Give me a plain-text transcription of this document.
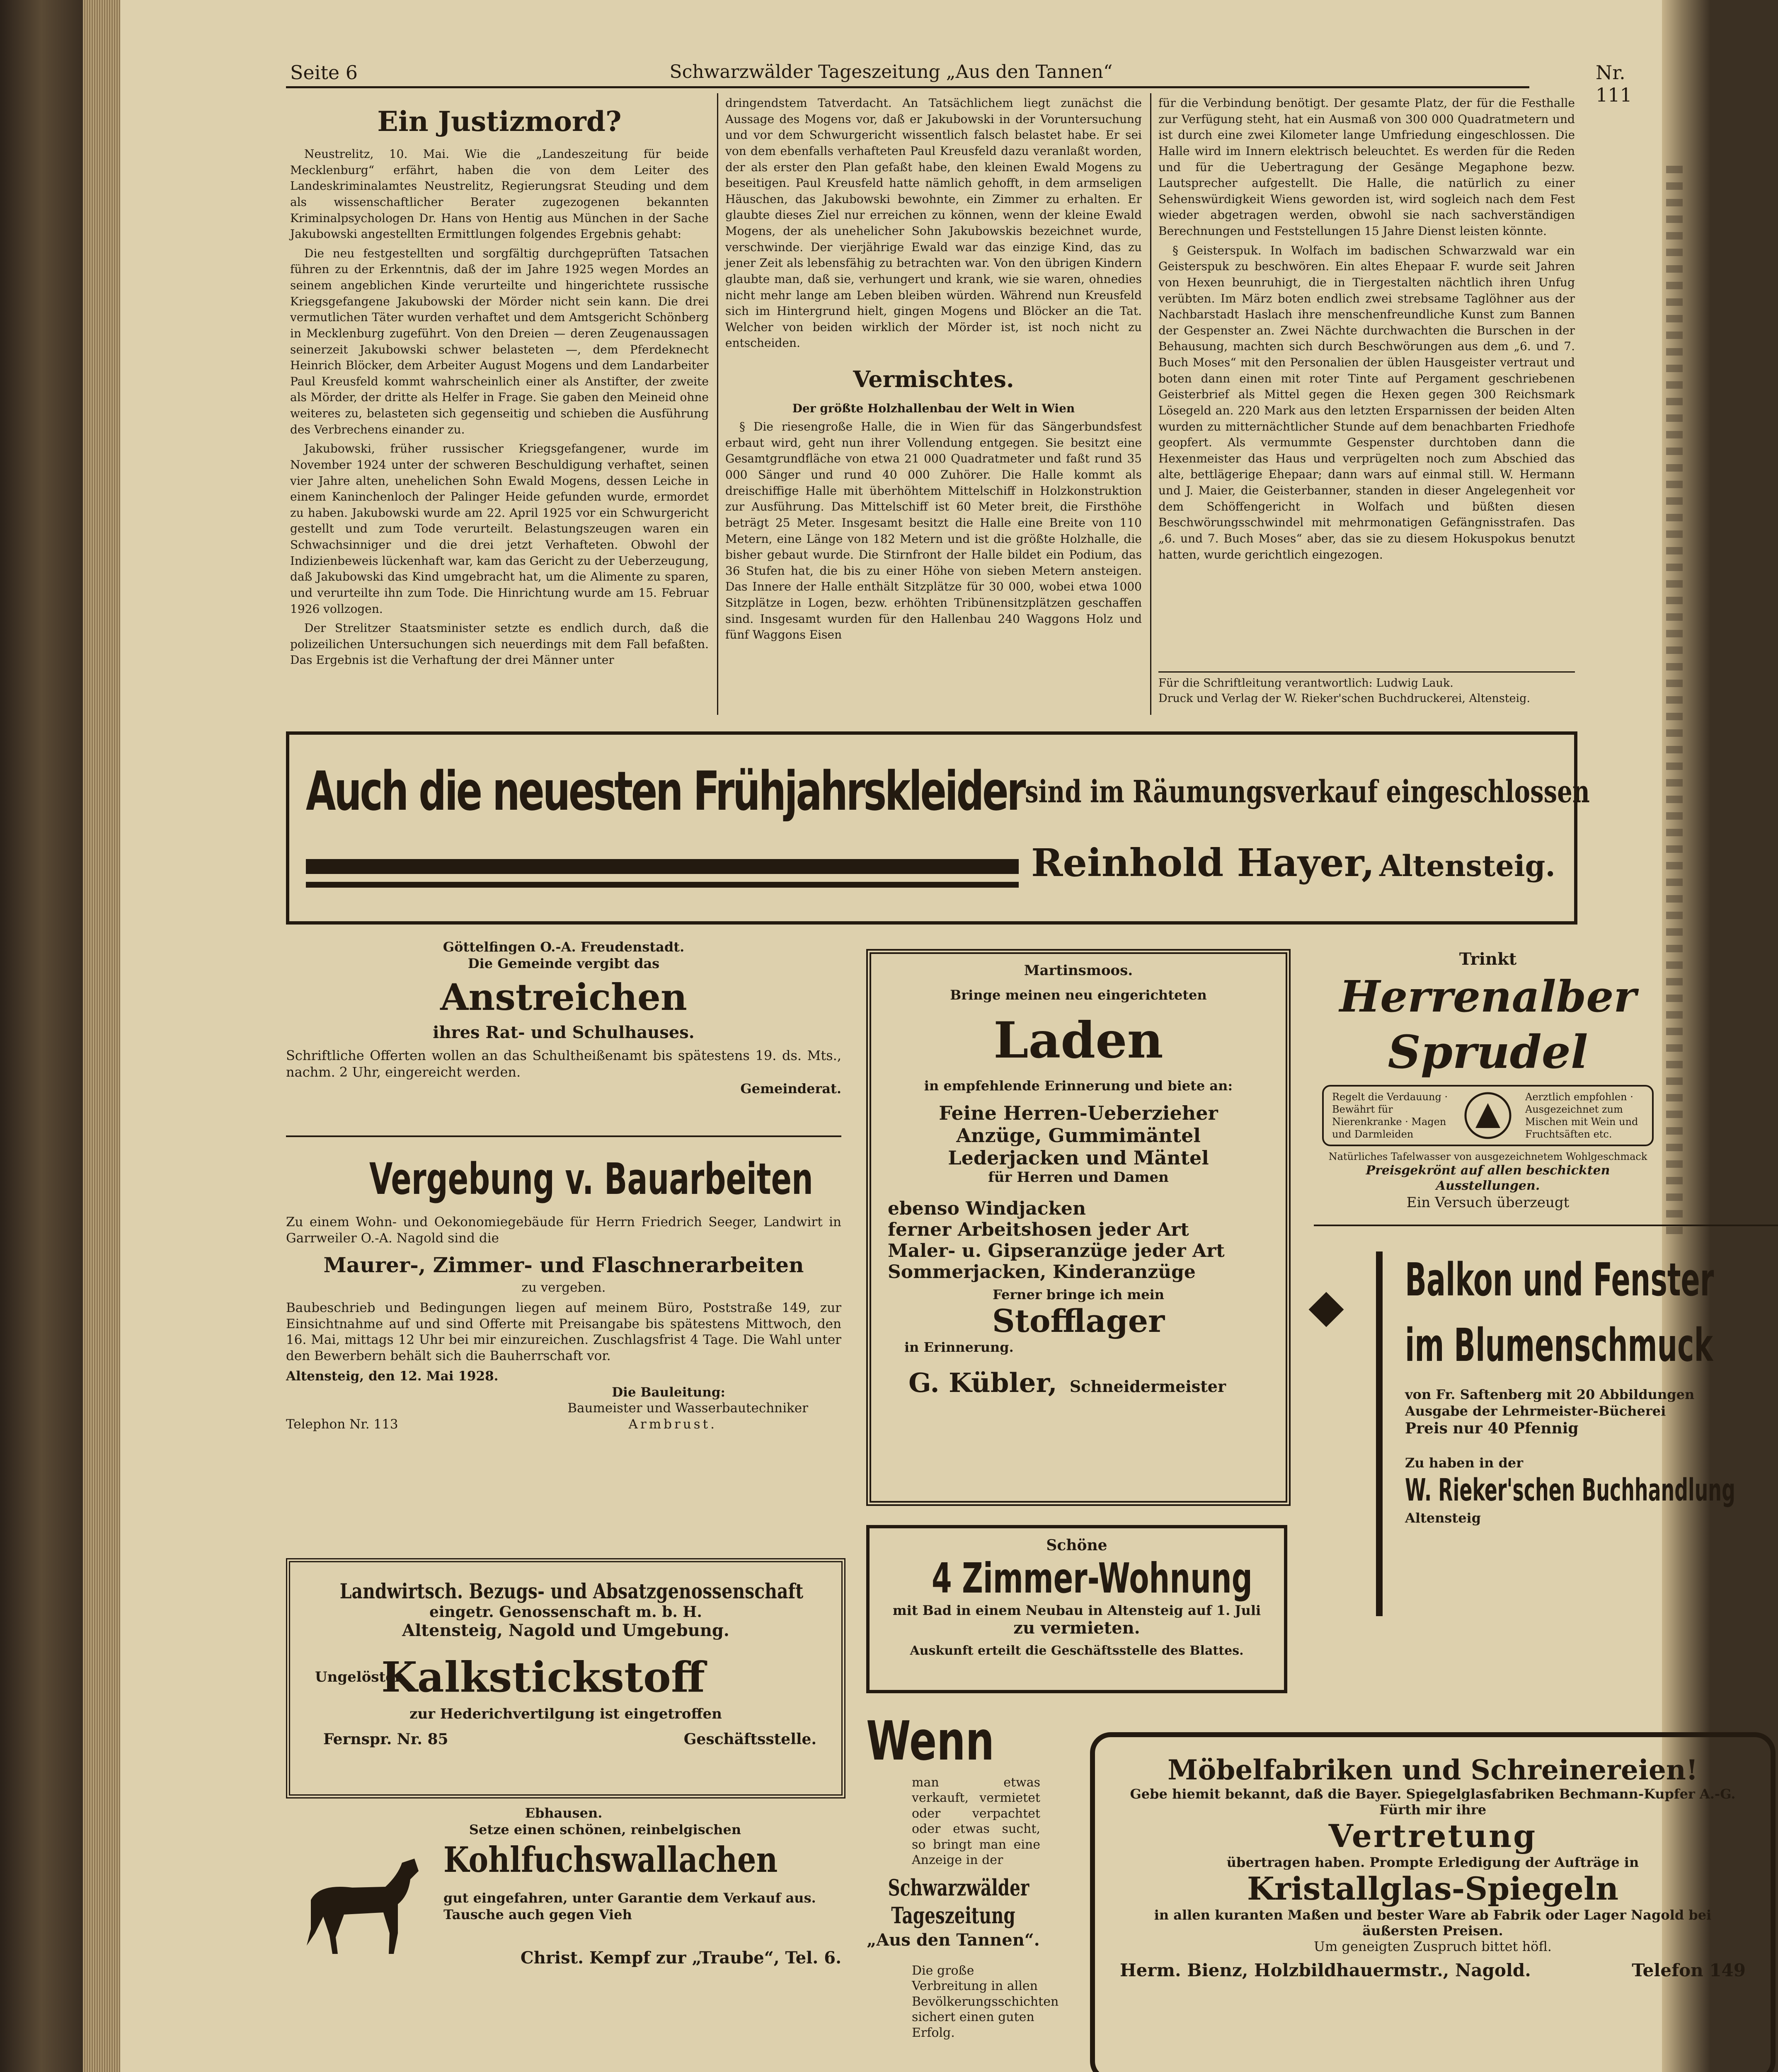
Seite 6	Schwarzwälder Tageszeitung „Aus den Tannen“	Nr. 111
Ein Justizmord?

Neustrelitz, 10. Mai. Wie die „Landeszeitung für beide Mecklenburg“ erfährt, haben die von dem Leiter des Landeskriminalamtes Neustrelitz, Regierungsrat Steuding und dem als wissenschaftlicher Berater zugezogenen bekannten Kriminalpsychologen Dr. Hans von Hentig aus München in der Sache Jakubowski angestellten Ermittlungen folgendes Ergebnis gehabt:

Die neu festgestellten und sorgfältig durchgeprüften Tatsachen führen zu der Erkenntnis, daß der im Jahre 1925 wegen Mordes an seinem angeblichen Kinde verurteilte und hingerichtete russische Kriegsgefangene Jakubowski der Mörder nicht sein kann. Die drei vermutlichen Täter wurden verhaftet und dem Amtsgericht Schönberg in Mecklenburg zugeführt. Von den Dreien — deren Zeugenaussagen seinerzeit Jakubowski schwer belasteten —, dem Pferdeknecht Heinrich Blöcker, dem Arbeiter August Mogens und dem Landarbeiter Paul Kreusfeld kommt wahrscheinlich einer als Anstifter, der zweite als Mörder, der dritte als Helfer in Frage. Sie gaben den Meineid ohne weiteres zu, belasteten sich gegenseitig und schieben die Ausführung des Verbrechens einander zu.

Jakubowski, früher russischer Kriegsgefangener, wurde im November 1924 unter der schweren Beschuldigung verhaftet, seinen vier Jahre alten, unehelichen Sohn Ewald Mogens, dessen Leiche in einem Kaninchenloch der Palinger Heide gefunden wurde, ermordet zu haben. Jakubowski wurde am 22. April 1925 vor ein Schwurgericht gestellt und zum Tode verurteilt. Belastungszeugen waren ein Schwachsinniger und die drei jetzt Verhafteten. Obwohl der Indizienbeweis lückenhaft war, kam das Gericht zu der Ueberzeugung, daß Jakubowski das Kind umgebracht hat, um die Alimente zu sparen, und verurteilte ihn zum Tode. Die Hinrichtung wurde am 15. Februar 1926 vollzogen.

Der Strelitzer Staatsminister setzte es endlich durch, daß die polizeilichen Untersuchungen sich neuerdings mit dem Fall befaßten. Das Ergebnis ist die Verhaftung der drei Männer unter

dringendstem Tatverdacht. An Tatsächlichem liegt zunächst die Aussage des Mogens vor, daß er Jakubowski in der Voruntersuchung und vor dem Schwurgericht wissentlich falsch belastet habe. Er sei von dem ebenfalls verhafteten Paul Kreusfeld dazu veranlaßt worden, der als erster den Plan gefaßt habe, den kleinen Ewald Mogens zu beseitigen. Paul Kreusfeld hatte nämlich gehofft, in dem armseligen Häuschen, das Jakubowski bewohnte, ein Zimmer zu erhalten. Er glaubte dieses Ziel nur erreichen zu können, wenn der kleine Ewald Mogens, der als unehelicher Sohn Jakubowskis bezeichnet wurde, verschwinde. Der vierjährige Ewald war das einzige Kind, das zu jener Zeit als lebensfähig zu betrachten war. Von den übrigen Kindern glaubte man, daß sie, verhungert und krank, wie sie waren, ohnedies nicht mehr lange am Leben bleiben würden. Während nun Kreusfeld sich im Hintergrund hielt, gingen Mogens und Blöcker an die Tat. Welcher von beiden wirklich der Mörder ist, ist noch nicht zu entscheiden.

Vermischtes.
Der größte Holzhallenbau der Welt in Wien

§ Die riesengroße Halle, die in Wien für das Sängerbundsfest erbaut wird, geht nun ihrer Vollendung entgegen. Sie besitzt eine Gesamtgrundfläche von etwa 21 000 Quadratmeter und faßt rund 35 000 Sänger und rund 40 000 Zuhörer. Die Halle kommt als dreischiffige Halle mit überhöhtem Mittelschiff in Holzkonstruktion zur Ausführung. Das Mittelschiff ist 60 Meter breit, die Firsthöhe beträgt 25 Meter. Insgesamt besitzt die Halle eine Breite von 110 Metern, eine Länge von 182 Metern und ist die größte Holzhalle, die bisher gebaut wurde. Die Stirnfront der Halle bildet ein Podium, das 36 Stufen hat, die bis zu einer Höhe von sieben Metern ansteigen. Das Innere der Halle enthält Sitzplätze für 30 000, wobei etwa 1000 Sitzplätze in Logen, bezw. erhöhten Tribünensitzplätzen geschaffen sind. Insgesamt wurden für den Hallenbau 240 Waggons Holz und fünf Waggons Eisen

für die Verbindung benötigt. Der gesamte Platz, der für die Festhalle zur Verfügung steht, hat ein Ausmaß von 300 000 Quadratmetern und ist durch eine zwei Kilometer lange Umfriedung eingeschlossen. Die Halle wird im Innern elektrisch beleuchtet. Es werden für die Reden und für die Uebertragung der Gesänge Megaphone bezw. Lautsprecher aufgestellt. Die Halle, die natürlich zu einer Sehenswürdigkeit Wiens geworden ist, wird sogleich nach dem Fest wieder abgetragen werden, obwohl sie nach sachverständigen Berechnungen und Feststellungen 15 Jahre Dienst leisten könnte.

§ Geisterspuk. In Wolfach im badischen Schwarzwald war ein Geisterspuk zu beschwören. Ein altes Ehepaar F. wurde seit Jahren von Hexen beunruhigt, die in Tiergestalten nächtlich ihren Unfug verübten. Im März boten endlich zwei strebsame Taglöhner aus der Nachbarstadt Haslach ihre menschenfreundliche Kunst zum Bannen der Gespenster an. Zwei Nächte durchwachten die Burschen in der Behausung, machten sich durch Beschwörungen aus dem „6. und 7. Buch Moses“ mit den Personalien der üblen Hausgeister vertraut und boten dann einen mit roter Tinte auf Pergament geschriebenen Geisterbrief als Mittel gegen die Hexen gegen 300 Reichsmark Lösegeld an. 220 Mark aus den letzten Ersparnissen der beiden Alten wurden zu mitternächtlicher Stunde auf dem benachbarten Friedhofe geopfert. Als vermummte Gespenster durchtoben dann die Hexenmeister das Haus und verprügelten noch zum Abschied das alte, bettlägerige Ehepaar; dann wars auf einmal still. W. Hermann und J. Maier, die Geisterbanner, standen in dieser Angelegenheit vor dem Schöffengericht in Wolfach und büßten diesen Beschwörungsschwindel mit mehrmonatigen Gefängnisstrafen. Das „6. und 7. Buch Moses“ aber, das sie zu diesem Hokuspokus benutzt hatten, wurde gerichtlich eingezogen.

Für die Schriftleitung verantwortlich: Ludwig Lauk.
Druck und Verlag der W. Rieker'schen Buchdruckerei, Altensteig.
Auch die neuesten Frühjahrskleider sind im Räumungsverkauf eingeschlossen
Reinhold Hayer, Altensteig.
Göttelfingen O.-A. Freudenstadt.
Die Gemeinde vergibt das
Anstreichen
ihres Rat- und Schulhauses.
Schriftliche Offerten wollen an das Schultheißenamt bis spätestens 19. ds. Mts., nachm. 2 Uhr, eingereicht werden.
Gemeinderat.
Vergebung v. Bauarbeiten
Zu einem Wohn- und Oekonomiegebäude für Herrn Friedrich Seeger, Landwirt in Garrweiler O.-A. Nagold sind die
Maurer-, Zimmer- und Flaschnerarbeiten
zu vergeben.
Baubeschrieb und Bedingungen liegen auf meinem Büro, Poststraße 149, zur Einsichtnahme auf und sind Offerte mit Preisangabe bis spätestens Mittwoch, den 16. Mai, mittags 12 Uhr bei mir einzureichen. Zuschlagsfrist 4 Tage. Die Wahl unter den Bewerbern behält sich die Bauherrschaft vor.
Altensteig, den 12. Mai 1928.
Die Bauleitung:
Baumeister und Wasserbautechniker
Telephon Nr. 113	Armbrust.
Landwirtsch. Bezugs- und Absatzgenossenschaft
eingetr. Genossenschaft m. b. H.
Altensteig, Nagold und Umgebung.
Ungelöster
Kalkstickstoff
zur Hederichvertilgung ist eingetroffen
Fernspr. Nr. 85	Geschäftsstelle.
Ebhausen.
Setze einen schönen, reinbelgischen
Kohlfuchswallachen
gut eingefahren, unter Garantie dem Verkauf aus. Tausche auch gegen Vieh
Christ. Kempf zur „Traube“, Tel. 6.
Martinsmoos.
Bringe meinen neu eingerichteten
Laden
in empfehlende Erinnerung und biete an:
Feine Herren-Ueberzieher
Anzüge, Gummimäntel
Lederjacken und Mäntel
für Herren und Damen
ebenso Windjacken
ferner Arbeitshosen jeder Art
Maler- u. Gipseranzüge jeder Art
Sommerjacken, Kinderanzüge
Ferner bringe ich mein
Stofflager
in Erinnerung.
G. Kübler, Schneidermeister
Schöne
4 Zimmer-Wohnung
mit Bad in einem Neubau in Altensteig auf 1. Juli
zu vermieten.
Auskunft erteilt die Geschäftsstelle des Blattes.
Wenn
man etwas verkauft, vermietet oder verpachtet oder etwas sucht, so bringt man eine Anzeige in der
Schwarzwälder
Tageszeitung
„Aus den Tannen“.
Die große Verbreitung in allen Bevölkerungsschichten sichert einen guten Erfolg.
Trinkt
Herrenalber
Sprudel
Regelt die Verdauung · Bewährt für Nierenkranke · Magen und Darmleiden
Aerztlich empfohlen · Ausgezeichnet zum Mischen mit Wein und Fruchtsäften etc.
Natürliches Tafelwasser von ausgezeichnetem Wohlgeschmack
Preisgekrönt auf allen beschickten Ausstellungen.
Ein Versuch überzeugt
Balkon und Fenster
im Blumenschmuck
von Fr. Saftenberg mit 20 Abbildungen
Ausgabe der Lehrmeister-Bücherei
Preis nur 40 Pfennig
Zu haben in der
W. Rieker'schen Buchhandlung
Altensteig
Möbelfabriken und Schreinereien!
Gebe hiemit bekannt, daß die Bayer. Spiegelglasfabriken Bechmann-Kupfer A.-G. Fürth mir ihre
Vertretung
übertragen haben. Prompte Erledigung der Aufträge in
Kristallglas-Spiegeln
in allen kuranten Maßen und bester Ware ab Fabrik oder Lager Nagold bei äußersten Preisen.
Um geneigten Zuspruch bittet höfl.
Herm. Bienz, Holzbildhauermstr., Nagold.	Telefon 149
